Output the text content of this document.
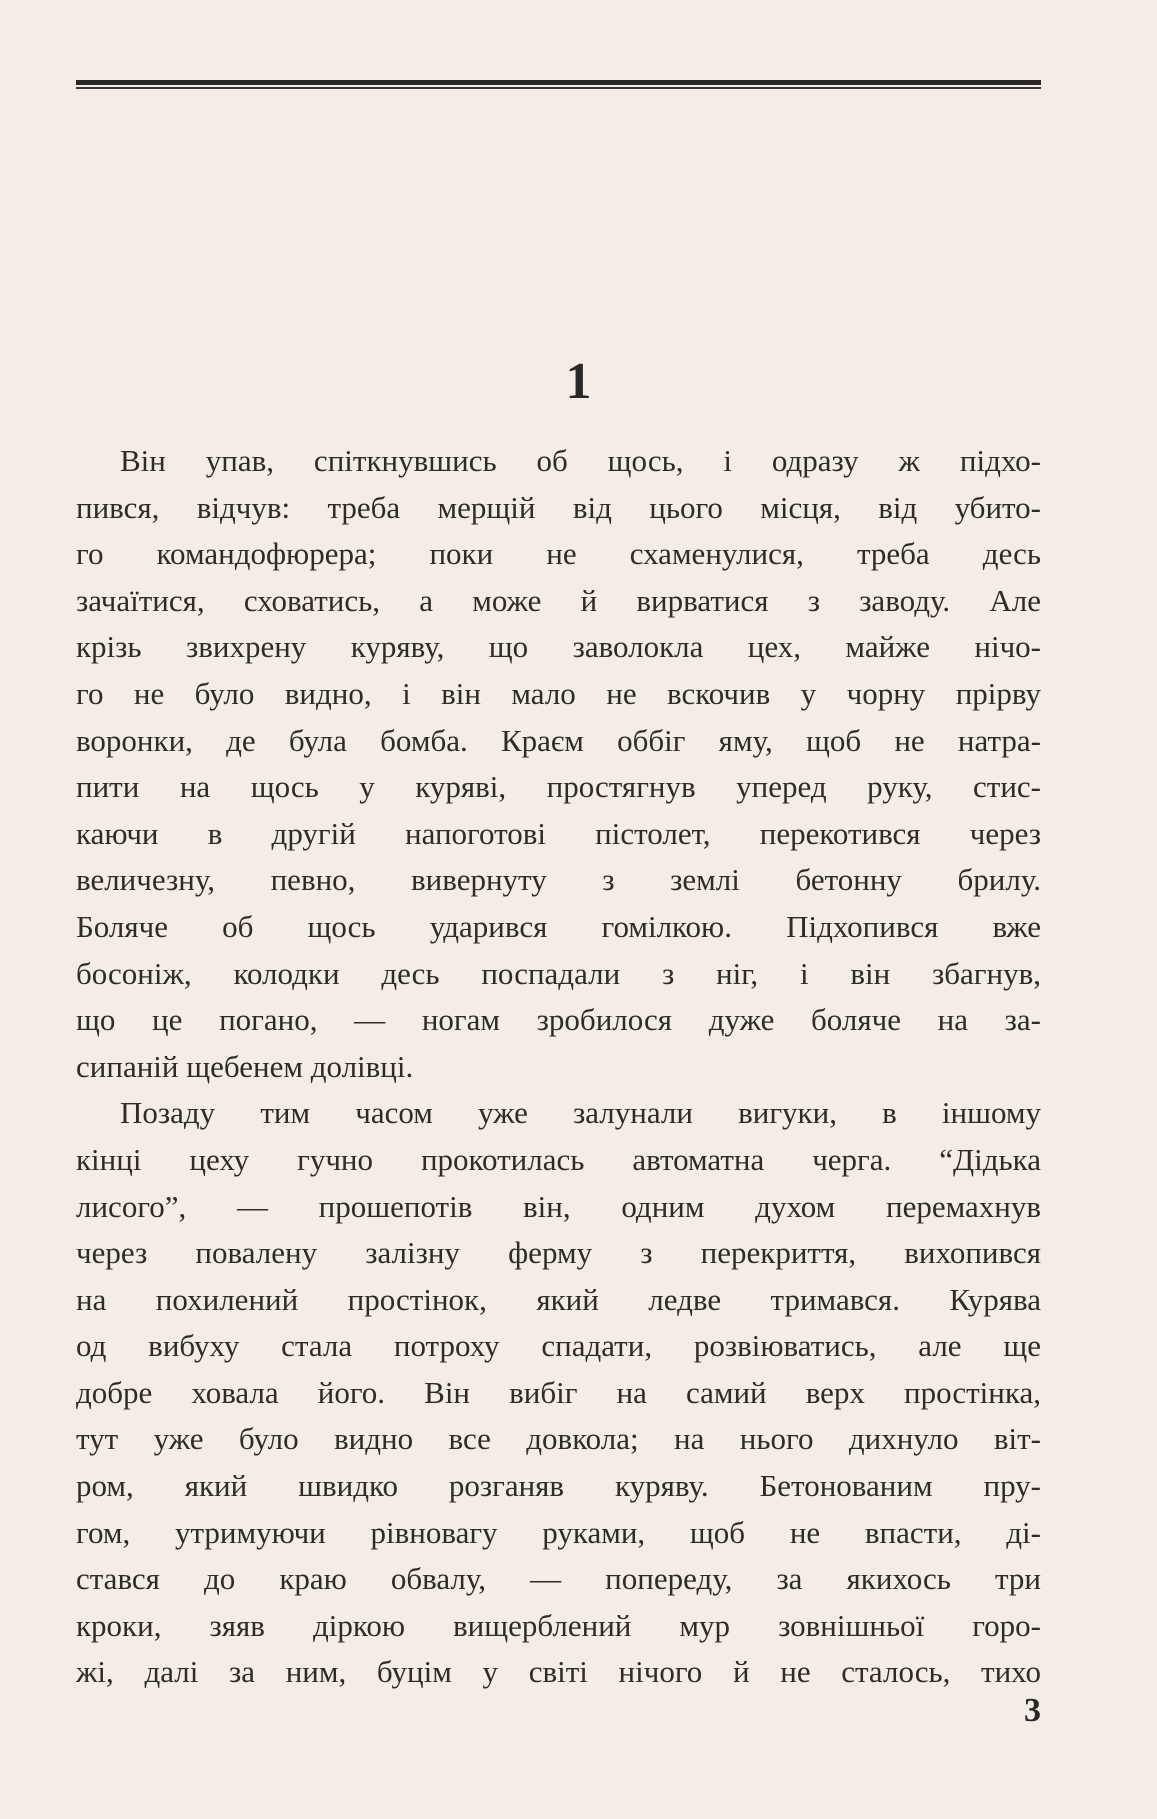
1
Він упав, спіткнувшись об щось, і одразу ж підхо-
пився, відчув: треба мерщій від цього місця, від убито-
го командофюрера; поки не схаменулися, треба десь
зачаїтися, сховатись, а може й вирватися з заводу. Але
крізь звихрену куряву, що заволокла цех, майже нічо-
го не було видно, і він мало не вскочив у чорну прірву
воронки, де була бомба. Краєм оббіг яму, щоб не натра-
пити на щось у куряві, простягнув уперед руку, стис-
каючи в другій напоготові пістолет, перекотився через
величезну, певно, вивернуту з землі бетонну брилу.
Боляче об щось ударився гомілкою. Підхопився вже
босоніж, колодки десь поспадали з ніг, і він збагнув,
що це погано, — ногам зробилося дуже боляче на за-
сипаній щебенем долівці.
Позаду тим часом уже залунали вигуки, в іншому
кінці цеху гучно прокотилась автоматна черга. “Дідька
лисого”, — прошепотів він, одним духом перемахнув
через повалену залізну ферму з перекриття, вихопився
на похилений простінок, який ледве тримався. Курява
од вибуху стала потроху спадати, розвіюватись, але ще
добре ховала його. Він вибіг на самий верх простінка,
тут уже було видно все довкола; на нього дихнуло віт-
ром, який швидко розганяв куряву. Бетонованим пру-
гом, утримуючи рівновагу руками, щоб не впасти, ді-
стався до краю обвалу, — попереду, за якихось три
кроки, зяяв діркою вищерблений мур зовнішньої горо-
жі, далі за ним, буцім у світі нічого й не сталось, тихо
3
